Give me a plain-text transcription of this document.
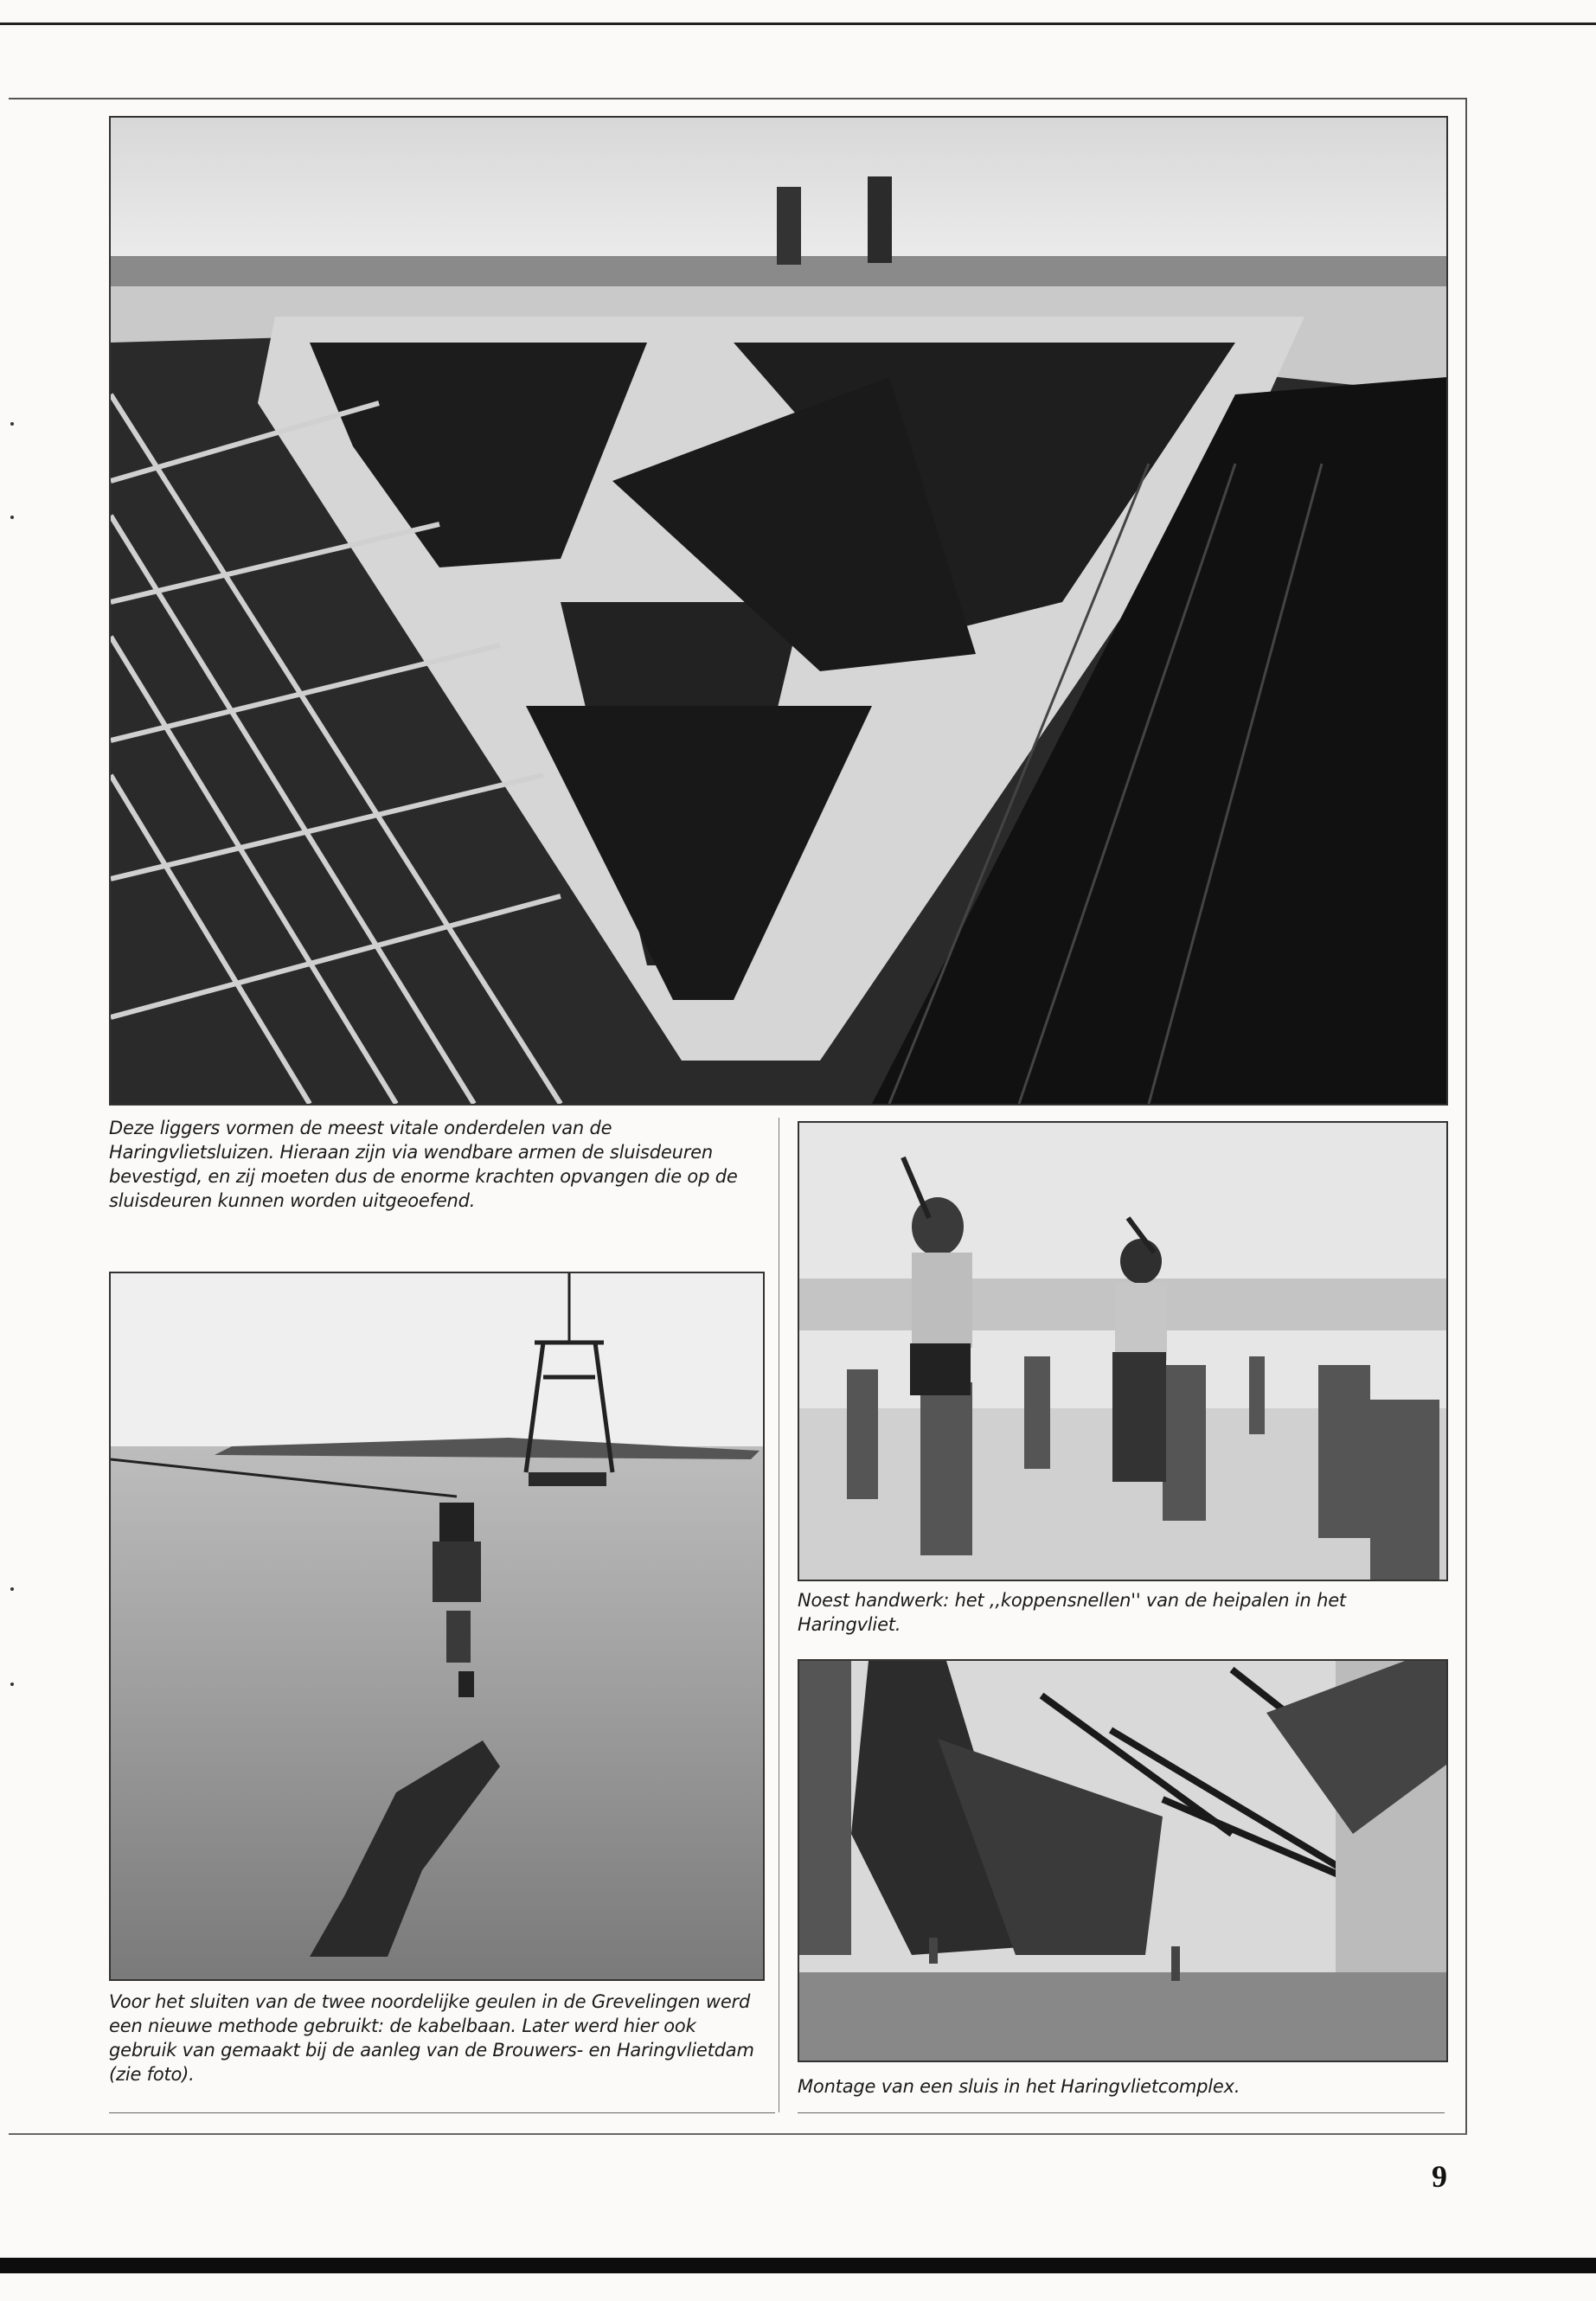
Deze liggers vormen de meest vitale onderdelen van de Haringvlietsluizen. Hieraan zijn via wendbare armen de sluisdeuren bevestigd, en zij moeten dus de enorme krachten opvangen die op de sluisdeuren kunnen worden uitgeoefend.
Noest handwerk: het ,,koppensnellen'' van de heipalen in het Haringvliet.
Voor het sluiten van de twee noordelijke geulen in de Grevelingen werd een nieuwe methode gebruikt: de kabelbaan. Later werd hier ook gebruik van gemaakt bij de aanleg van de Brouwers- en Haringvlietdam (zie foto).
Montage van een sluis in het Haringvlietcomplex.
9
